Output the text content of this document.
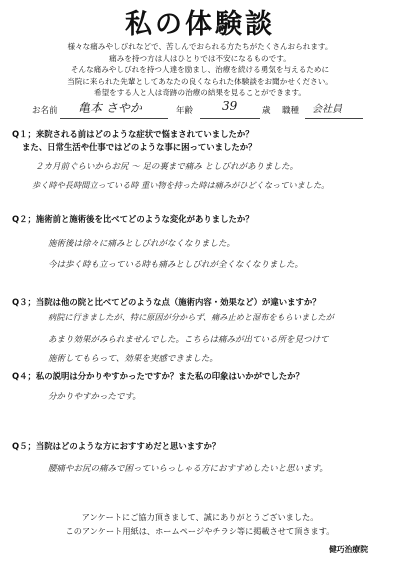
私の体験談
様々な痛みやしびれなどで、苦しんでおられる方たちがたくさんおられます。
痛みを持つ方は人はひとりでは不安になるものです。
そんな痛みやしびれを持つ人達を励まし、治療を続ける勇気を与えるために
当院に来られた先輩としてあなたの良くなられた体験談をお聞かせください。
希望をする人と人は奇跡の治療の結果を見ることができます。
お名前 亀本 さやか	年齢 39	歳 職種 会社員
Q１；来院される前はどのような症状で悩まされていましたか？
また、日常生活や仕事ではどのような事に困っていましたか？
２カ月前ぐらいからお尻 〜 足の裏まで痛み としびれがありました。
歩く時や長時間立っている時 重い物を持った時は痛みがひどくなっていました。
Q２；施術前と施術後を比べてどのような変化がありましたか？
施術後は徐々に痛みとしびれがなくなりました。
今は歩く時も立っている時も痛みとしびれが全くなくなりました。
Q３；当院は他の院と比べてどのような点（施術内容・効果など）が違いますか？
病院に行きましたが、特に原因が分からず、痛み止めと湿布をもらいましたが
あまり効果がみられませんでした。こちらは痛みが出ている所を見つけて
施術してもらって、効果を実感できました。
Q４；私の説明は分かりやすかったですか？また私の印象はいかがでしたか？
分かりやすかったです。
Q５；当院はどのような方におすすめだと思いますか？
腰痛やお尻の痛みで困っていらっしゃる方におすすめしたいと思います。
アンケートにご協力頂きまして、誠にありがとうございました。
このアンケート用紙は、ホームページやチラシ等に掲載させて頂きます。
健巧治療院
